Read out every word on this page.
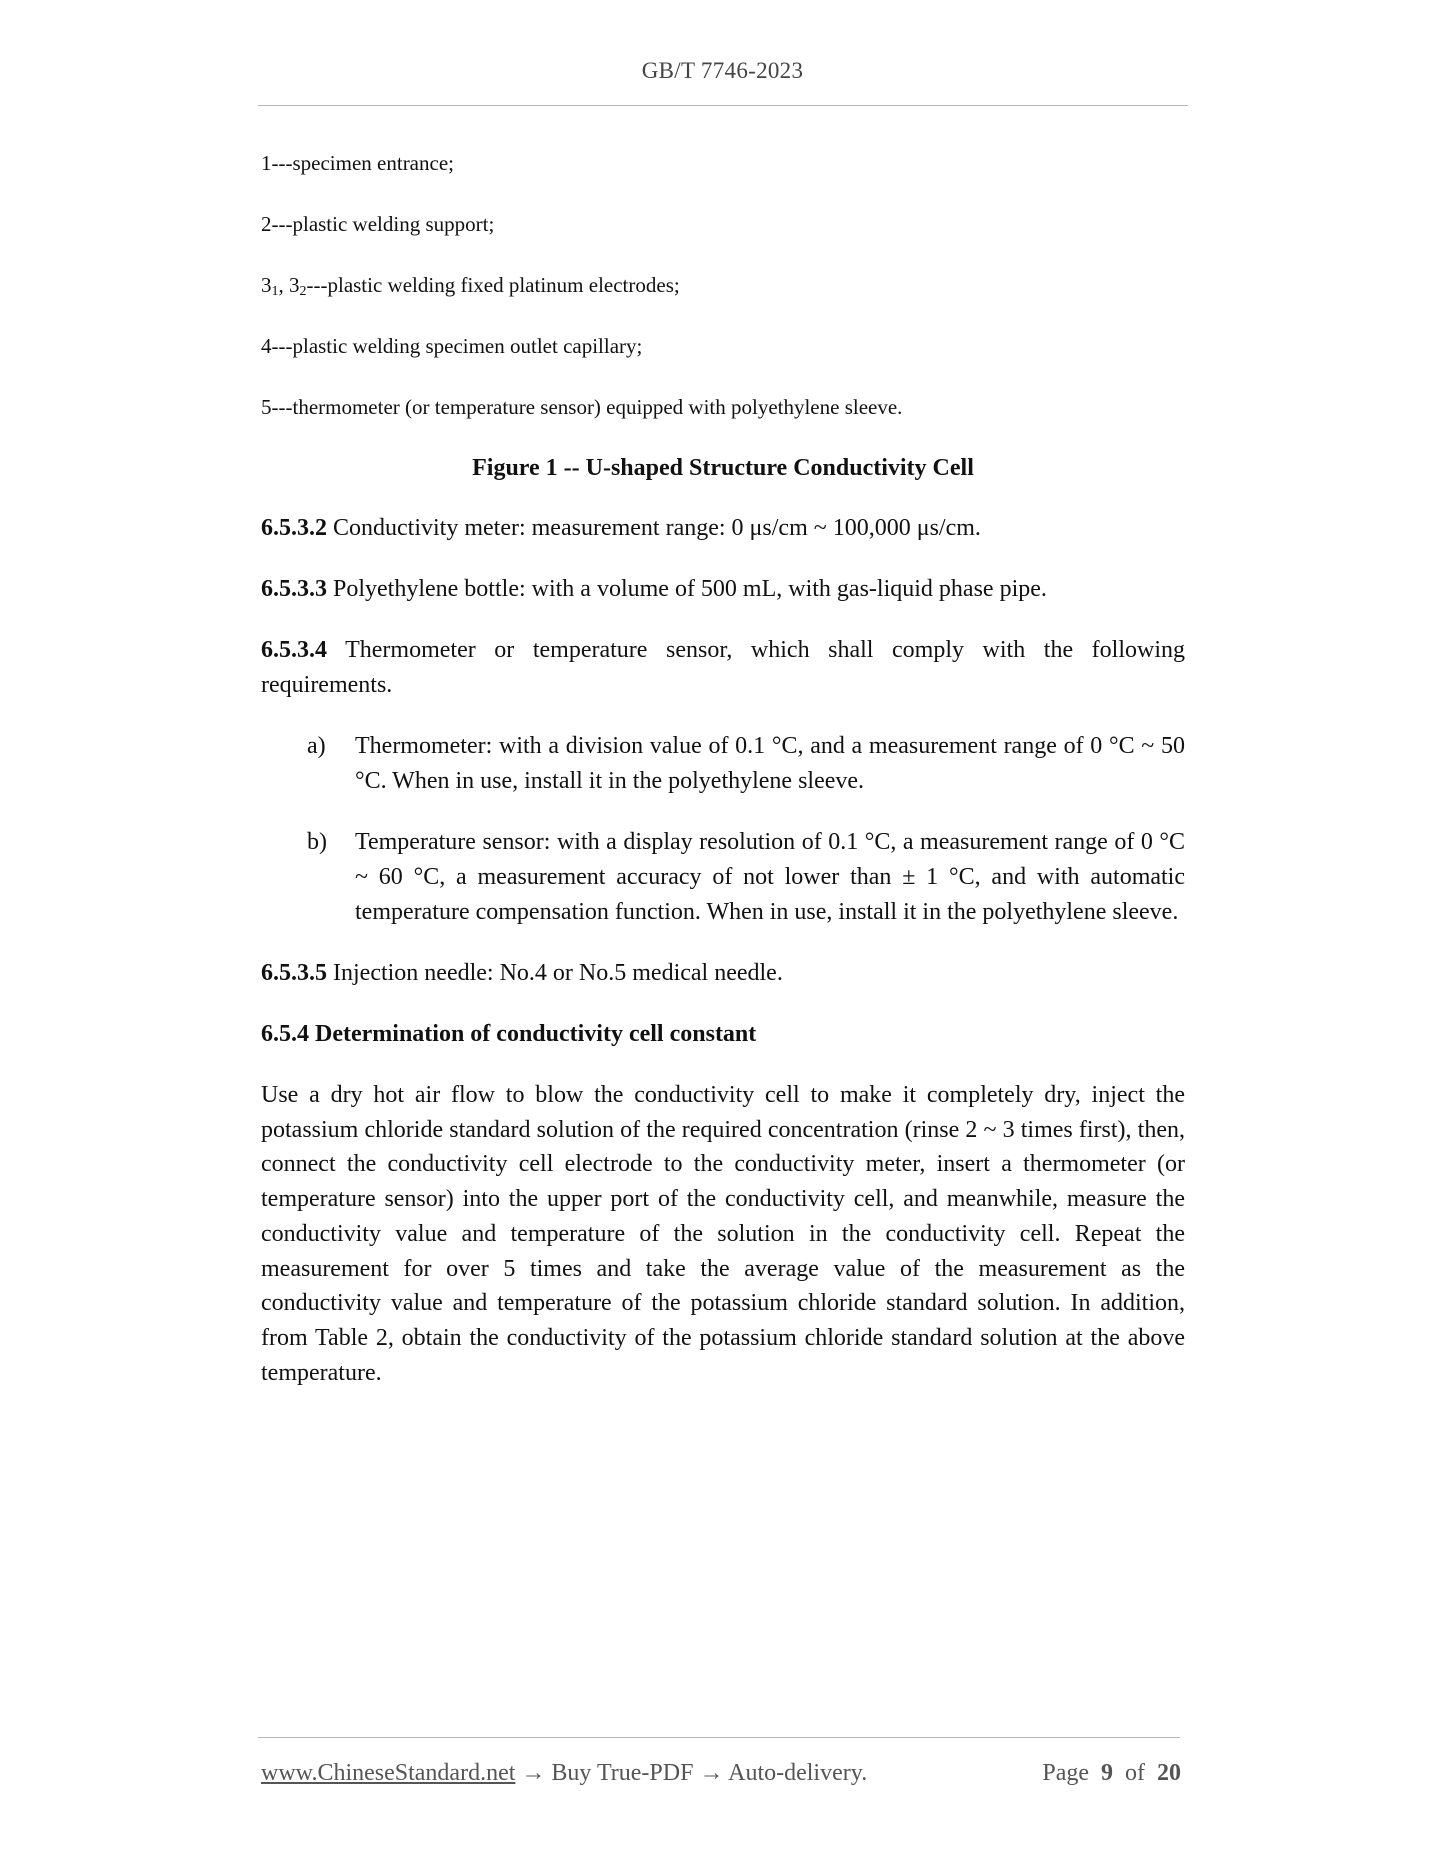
GB/T 7746-2023

1---specimen entrance;

2---plastic welding support;

$3_1$, $3_2--$-plastic welding fixed platinum electrodes;

4---plastic welding specimen outlet capillary;

5---thermometer (or temperature sensor) equipped with polyethylene sleeve.

Figure 1 -- U-shaped Structure Conductivity Cell

6.5.3.2 Conductivity meter: measurement range: 0 μs/cm ~ 100,000 μs/cm.

6.5.3.3 Polyethylene bottle: with a volume of 500 mL, with gas-liquid phase pipe.

6.5.3.4 Thermometer or temperature sensor, which shall comply with the following requirements.

a)	Thermometer: with a division value of 0.1 °C, and a measurement range of 0 °C ~ 50 °C. When in use, install it in the polyethylene sleeve.
b)	Temperature sensor: with a display resolution of 0.1 °C, a measurement range of 0 °C ~ 60 °C, a measurement accuracy of not lower than ± 1 °C, and with automatic temperature compensation function. When in use, install it in the polyethylene sleeve.

6.5.3.5 Injection needle: No.4 or No.5 medical needle.

6.5.4 Determination of conductivity cell constant

Use a dry hot air flow to blow the conductivity cell to make it completely dry, inject the potassium chloride standard solution of the required concentration (rinse 2 ~ 3 times first), then, connect the conductivity cell electrode to the conductivity meter, insert a thermometer (or temperature sensor) into the upper port of the conductivity cell, and meanwhile, measure the conductivity value and temperature of the solution in the conductivity cell. Repeat the measurement for over 5 times and take the average value of the measurement as the conductivity value and temperature of the potassium chloride standard solution. In addition, from Table 2, obtain the conductivity of the potassium chloride standard solution at the above temperature.

www.ChineseStandard.net → Buy True-PDF → Auto-delivery.	Page 9 of 20
